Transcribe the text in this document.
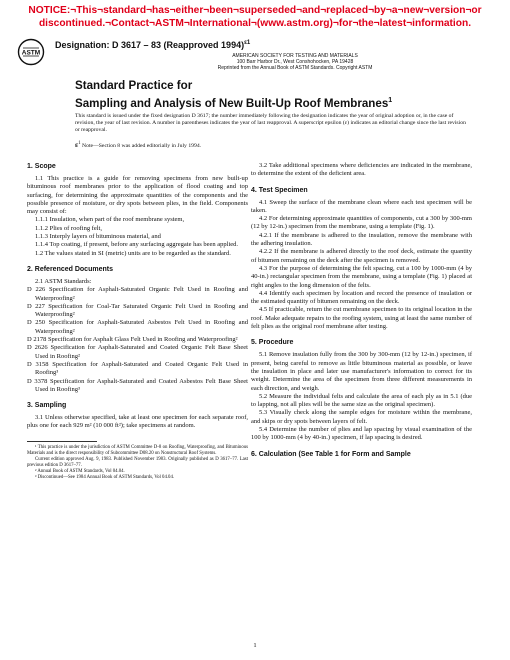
NOTICE:¬This¬standard¬has¬either¬been¬superseded¬and¬replaced¬by¬a¬new¬version¬or
discontinued.¬Contact¬ASTM¬International¬(www.astm.org)¬for¬the¬latest¬information.
ASTM
Designation: D 3617 – 83 (Reapproved 1994)$^{\varepsilon 1}$
AMERICAN SOCIETY FOR TESTING AND MATERIALS
100 Barr Harbor Dr., West Conshohocken, PA 19428
Reprinted from the Annual Book of ASTM Standards. Copyright ASTM
Standard Practice for
Sampling and Analysis of New Built-Up Roof Membranes$^1$
This standard is issued under the fixed designation D 3617; the number immediately following the designation indicates the year of original adoption or, in the case of revision, the year of last revision. A number in parentheses indicates the year of last reapproval. A superscript epsilon (ε) indicates an editorial change since the last revision or reapproval.
$\varepsilon^1$ Note—Section 8 was added editorially in July 1994.
1. Scope

1.1 This practice is a guide for removing specimens from new built-up bituminous roof membranes prior to the application of flood coating and top surfacing, for determining the approximate quantities of the components and the possible presence of moisture, or dry spots between plies, in the field. Components may consist of:

1.1.1 Insulation, when part of the roof membrane system,

1.1.2 Plies of roofing felt,

1.1.3 Interply layers of bituminous material, and

1.1.4 Top coating, if present, before any surfacing aggregate has been applied.

1.2 The values stated in SI (metric) units are to be regarded as the standard.

2. Referenced Documents

2.1 ASTM Standards:

D 226 Specification for Asphalt-Saturated Organic Felt Used in Roofing and Waterproofing²

D 227 Specification for Coal-Tar Saturated Organic Felt Used in Roofing and Waterproofing²

D 250 Specification for Asphalt-Saturated Asbestos Felt Used in Roofing and Waterproofing²

D 2178 Specification for Asphalt Glass Felt Used in Roofing and Waterproofing²

D 2626 Specification for Asphalt-Saturated and Coated Organic Felt Base Sheet Used in Roofing²

D 3158 Specification for Asphalt-Saturated and Coated Organic Felt Used in Roofing³

D 3378 Specification for Asphalt-Saturated and Coated Asbestos Felt Base Sheet Used in Roofing³

3. Sampling

3.1 Unless otherwise specified, take at least one specimen for each separate roof, plus one for each 929 m² (10 000 ft²); take specimens at random.

¹ This practice is under the jurisdiction of ASTM Committee D-8 on Roofing, Waterproofing, and Bituminous Materials and is the direct responsibility of Subcommittee D08.20 on Nonstructural Roof Systems.

Current edition approved Aug. 9, 1983. Published November 1983. Originally published as D 3617–77. Last previous edition D 3617–77.

² Annual Book of ASTM Standards, Vol 04.04.

³ Discontinued—See 1984 Annual Book of ASTM Standards, Vol 04.04.

3.2 Take additional specimens where deficiencies are indicated in the membrane, to determine the extent of the deficient area.

4. Test Specimen

4.1 Sweep the surface of the membrane clean where each test specimen will be taken.

4.2 For determining approximate quantities of components, cut a 300 by 300-mm (12 by 12-in.) specimen from the membrane, using a template (Fig. 1).

4.2.1 If the membrane is adhered to the insulation, remove the membrane with the adhering insulation.

4.2.2 If the membrane is adhered directly to the roof deck, estimate the quantity of bitumen remaining on the deck after the specimen is removed.

4.3 For the purpose of determining the felt spacing, cut a 100 by 1000-mm (4 by 40-in.) rectangular specimen from the membrane, using a template (Fig. 1) placed at right angles to the long dimension of the felts.

4.4 Identify each specimen by location and record the presence of insulation or the estimated quantity of bitumen remaining on the deck.

4.5 If practicable, return the cut membrane specimen to its original location in the roof. Make adequate repairs to the roofing system, using at least the same number of felt plies as the original roof membrane after testing.

5. Procedure

5.1 Remove insulation fully from the 300 by 300-mm (12 by 12-in.) specimen, if present, being careful to remove as little bituminous material as possible, or leave the insulation in place and later use manufacturer's information to correct for its weight. Determine the area of the specimen from three different measurements in each direction, and weigh.

5.2 Measure the individual felts and calculate the area of each ply as in 5.1 (due to lapping, not all plies will be the same size as the original specimen).

5.3 Visually check along the sample edges for moisture within the membrane, and skips or dry spots between layers of felt.

5.4 Determine the number of plies and lap spacing by visual examination of the 100 by 1000-mm (4 by 40-in.) specimen, if lap spacing is desired.

6. Calculation (See Table 1 for Form and Sample
1
